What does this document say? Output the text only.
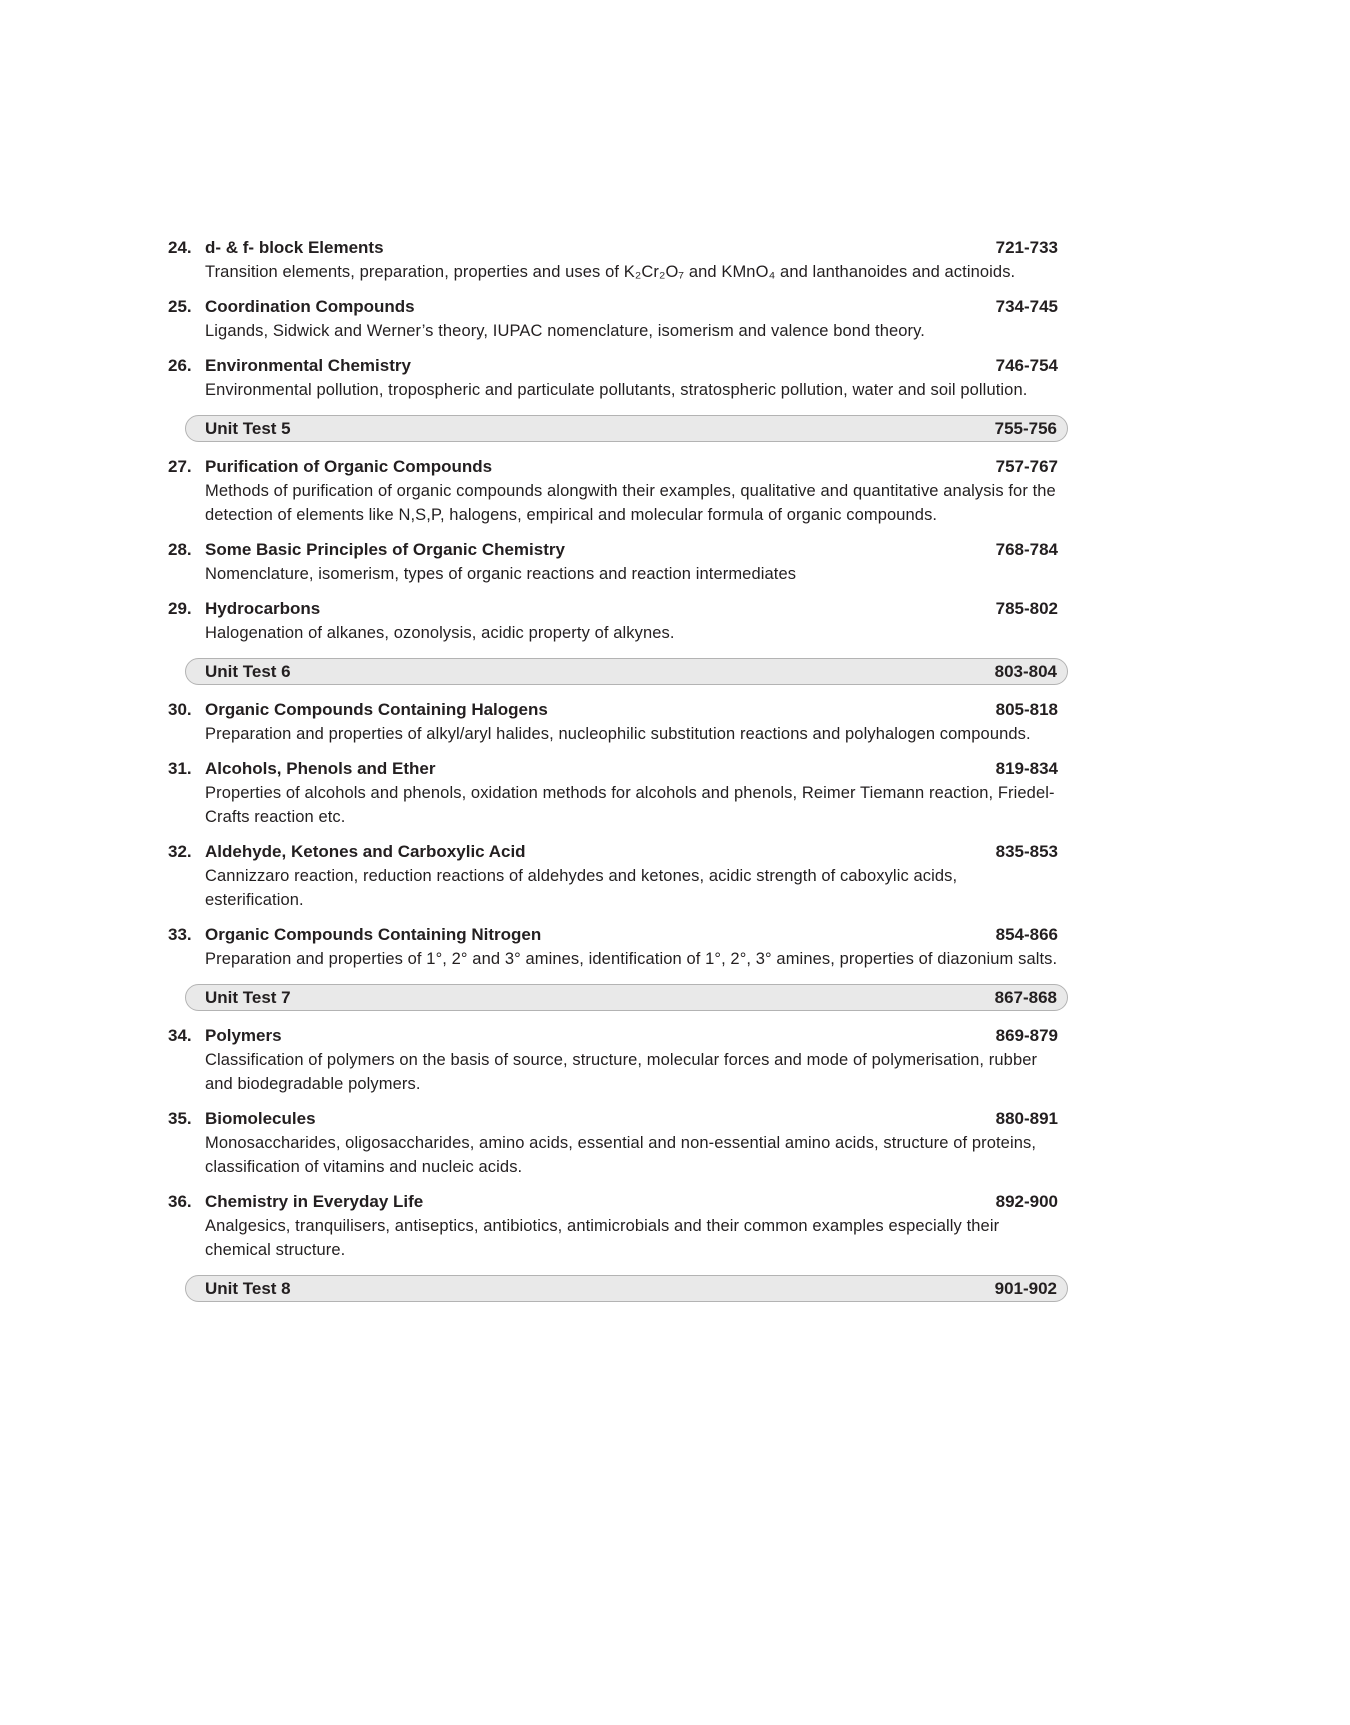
24. d- & f- block Elements	721-733
Transition elements, preparation, properties and uses of K₂Cr₂O₇ and KMnO₄ and lanthanoides and actinoids.
25. Coordination Compounds	734-745
Ligands, Sidwick and Werner’s theory, IUPAC nomenclature, isomerism and valence bond theory.
26. Environmental Chemistry	746-754
Environmental pollution, tropospheric and particulate pollutants, stratospheric pollution, water and soil pollution.
Unit Test 5	755-756
27. Purification of Organic Compounds	757-767
Methods of purification of organic compounds alongwith their examples, qualitative and quantitative analysis for the detection of elements like N,S,P, halogens, empirical and molecular formula of organic compounds.
28. Some Basic Principles of Organic Chemistry	768-784
Nomenclature, isomerism, types of organic reactions and reaction intermediates
29. Hydrocarbons	785-802
Halogenation of alkanes, ozonolysis, acidic property of alkynes.
Unit Test 6	803-804
30. Organic Compounds Containing Halogens	805-818
Preparation and properties of alkyl/aryl halides, nucleophilic substitution reactions and polyhalogen compounds.
31. Alcohols, Phenols and Ether	819-834
Properties of alcohols and phenols, oxidation methods for alcohols and phenols, Reimer Tiemann reaction, Friedel-Crafts reaction etc.
32. Aldehyde, Ketones and Carboxylic Acid	835-853
Cannizzaro reaction, reduction reactions of aldehydes and ketones, acidic strength of caboxylic acids, esterification.
33. Organic Compounds Containing Nitrogen	854-866
Preparation and properties of 1°, 2° and 3° amines, identification of 1°, 2°, 3° amines, properties of diazonium salts.
Unit Test 7	867-868
34. Polymers	869-879
Classification of polymers on the basis of source, structure, molecular forces and mode of polymerisation, rubber and biodegradable polymers.
35. Biomolecules	880-891
Monosaccharides, oligosaccharides, amino acids, essential and non-essential amino acids, structure of proteins, classification of vitamins and nucleic acids.
36. Chemistry in Everyday Life	892-900
Analgesics, tranquilisers, antiseptics, antibiotics, antimicrobials and their common examples especially their chemical structure.
Unit Test 8	901-902
